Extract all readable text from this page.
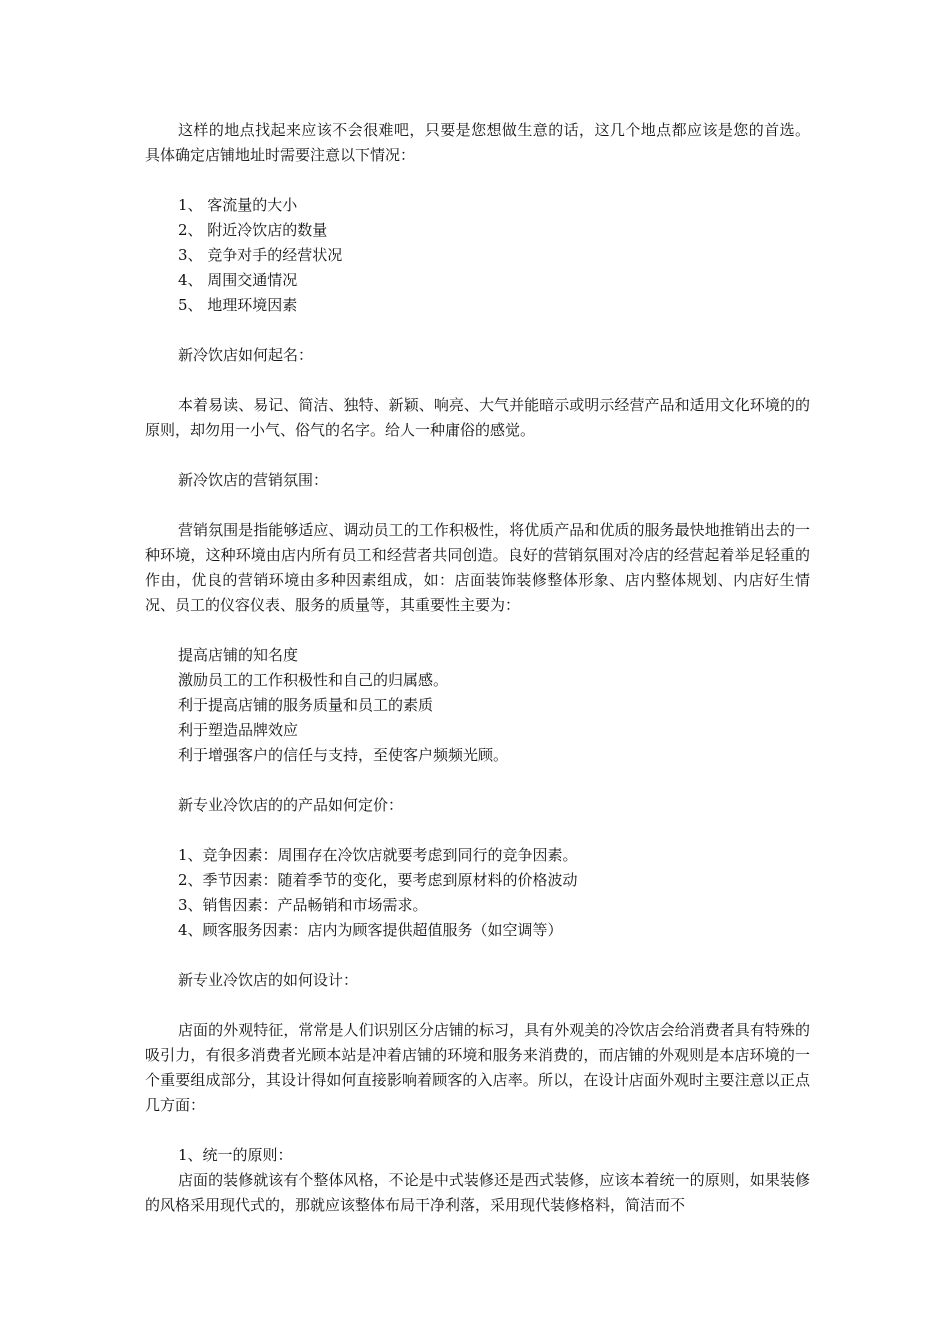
这样的地点找起来应该不会很难吧，只要是您想做生意的话，这几个地点都应该是您的首选。 具体确定店铺地址时需要注意以下情况：

1、 客流量的大小

2、 附近冷饮店的数量

3、 竞争对手的经营状况

4、 周围交通情况

5、 地理环境因素

新冷饮店如何起名：

本着易读、易记、简洁、独特、新颖、响亮、大气并能暗示或明示经营产品和适用文化环境的的原则，却勿用一小气、俗气的名字。给人一种庸俗的感觉。

新冷饮店的营销氛围：

营销氛围是指能够适应、调动员工的工作积极性，将优质产品和优质的服务最快地推销出去的一种环境，这种环境由店内所有员工和经营者共同创造。良好的营销氛围对冷店的经营起着举足轻重的作由，优良的营销环境由多种因素组成，如：店面装饰装修整体形象、店内整体规划、内店好生情况、员工的仪容仪表、服务的质量等，其重要性主要为：

提高店铺的知名度

激励员工的工作积极性和自己的归属感。

利于提高店铺的服务质量和员工的素质

利于塑造品牌效应

利于增强客户的信任与支持，至使客户频频光顾。

新专业冷饮店的的产品如何定价：

1、竞争因素：周围存在冷饮店就要考虑到同行的竞争因素。

2、季节因素：随着季节的变化，要考虑到原材料的价格波动

3、销售因素：产品畅销和市场需求。

4、顾客服务因素：店内为顾客提供超值服务（如空调等）

新专业冷饮店的如何设计：

店面的外观特征，常常是人们识别区分店铺的标习，具有外观美的冷饮店会给消费者具有特殊的吸引力，有很多消费者光顾本站是冲着店铺的环境和服务来消费的，而店铺的外观则是本店环境的一个重要组成部分，其设计得如何直接影响着顾客的入店率。所以，在设计店面外观时主要注意以正点几方面：

1、统一的原则：

店面的装修就该有个整体风格，不论是中式装修还是西式装修，应该本着统一的原则，如果装修的风格采用现代式的，那就应该整体布局干净利落，采用现代装修格料，简洁而不
